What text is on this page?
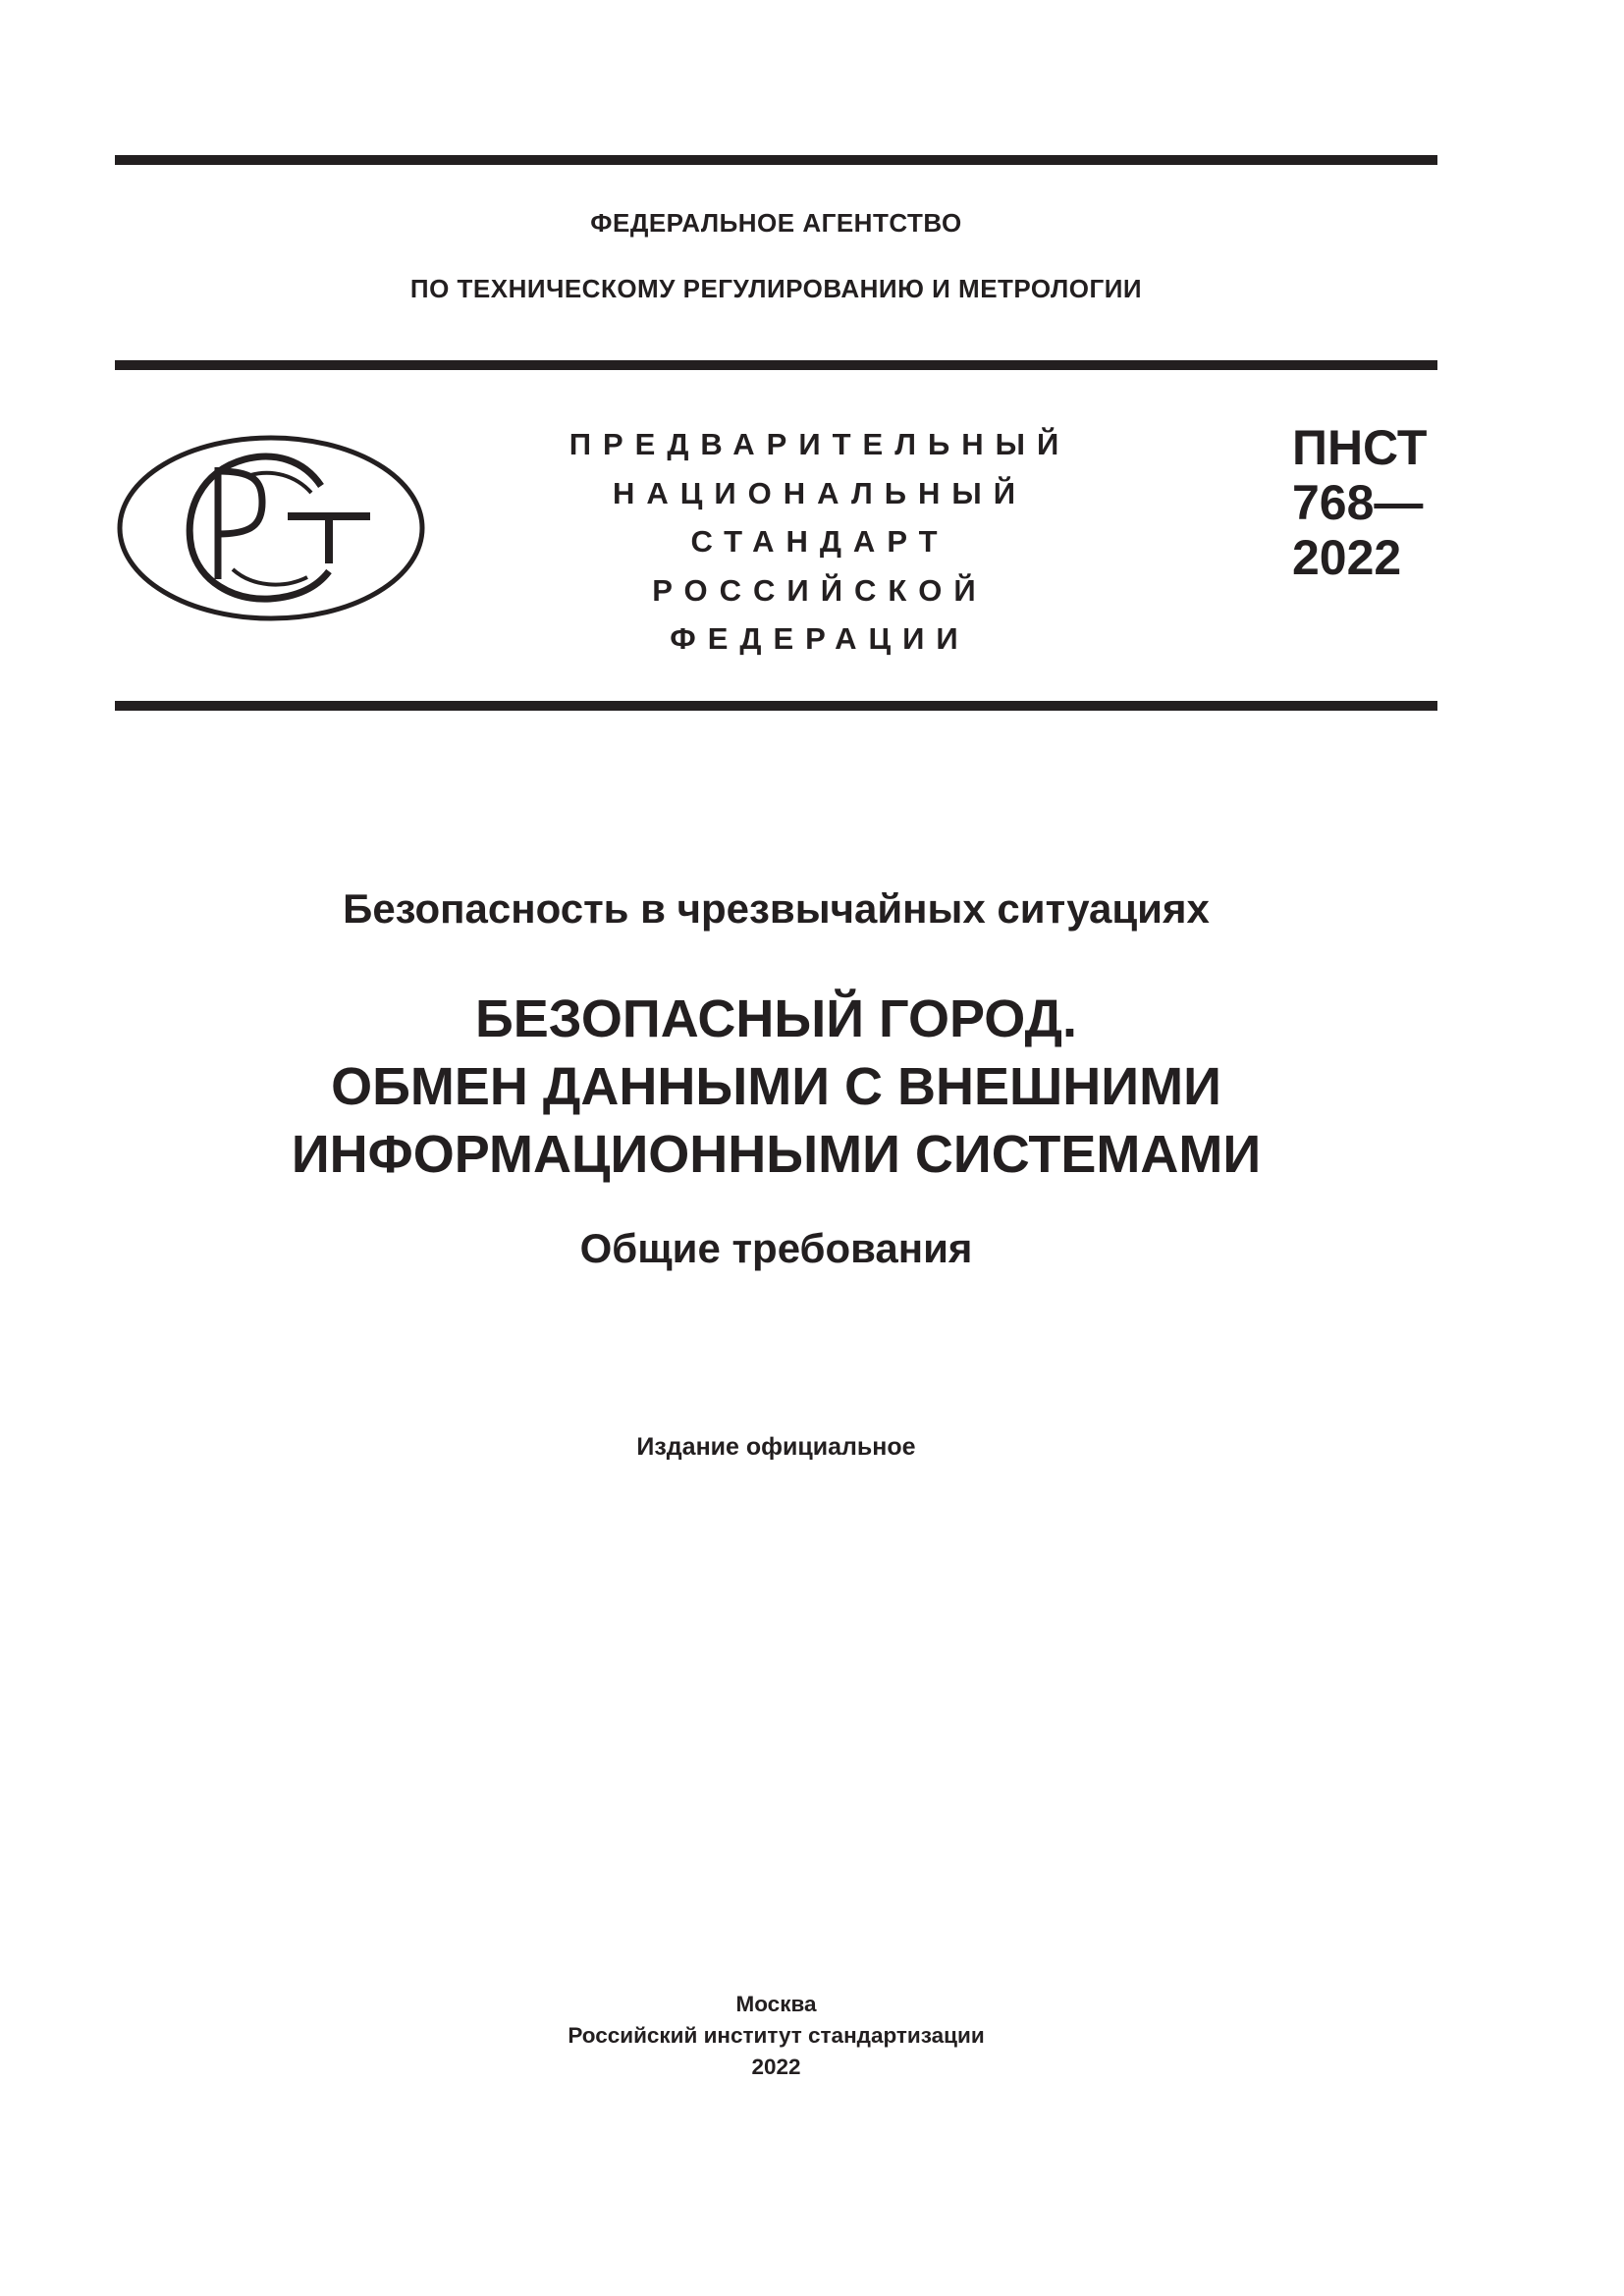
ФЕДЕРАЛЬНОЕ АГЕНТСТВО
ПО ТЕХНИЧЕСКОМУ РЕГУЛИРОВАНИЮ И МЕТРОЛОГИИ
ПРЕДВАРИТЕЛЬНЫЙ
НАЦИОНАЛЬНЫЙ
СТАНДАРТ
РОССИЙСКОЙ
ФЕДЕРАЦИИ
ПНСТ
768—
2022
Безопасность в чрезвычайных ситуациях
БЕЗОПАСНЫЙ ГОРОД.
ОБМЕН ДАННЫМИ С ВНЕШНИМИ
ИНФОРМАЦИОННЫМИ СИСТЕМАМИ
Общие требования
Издание официальное
Москва
Российский институт стандартизации
2022
